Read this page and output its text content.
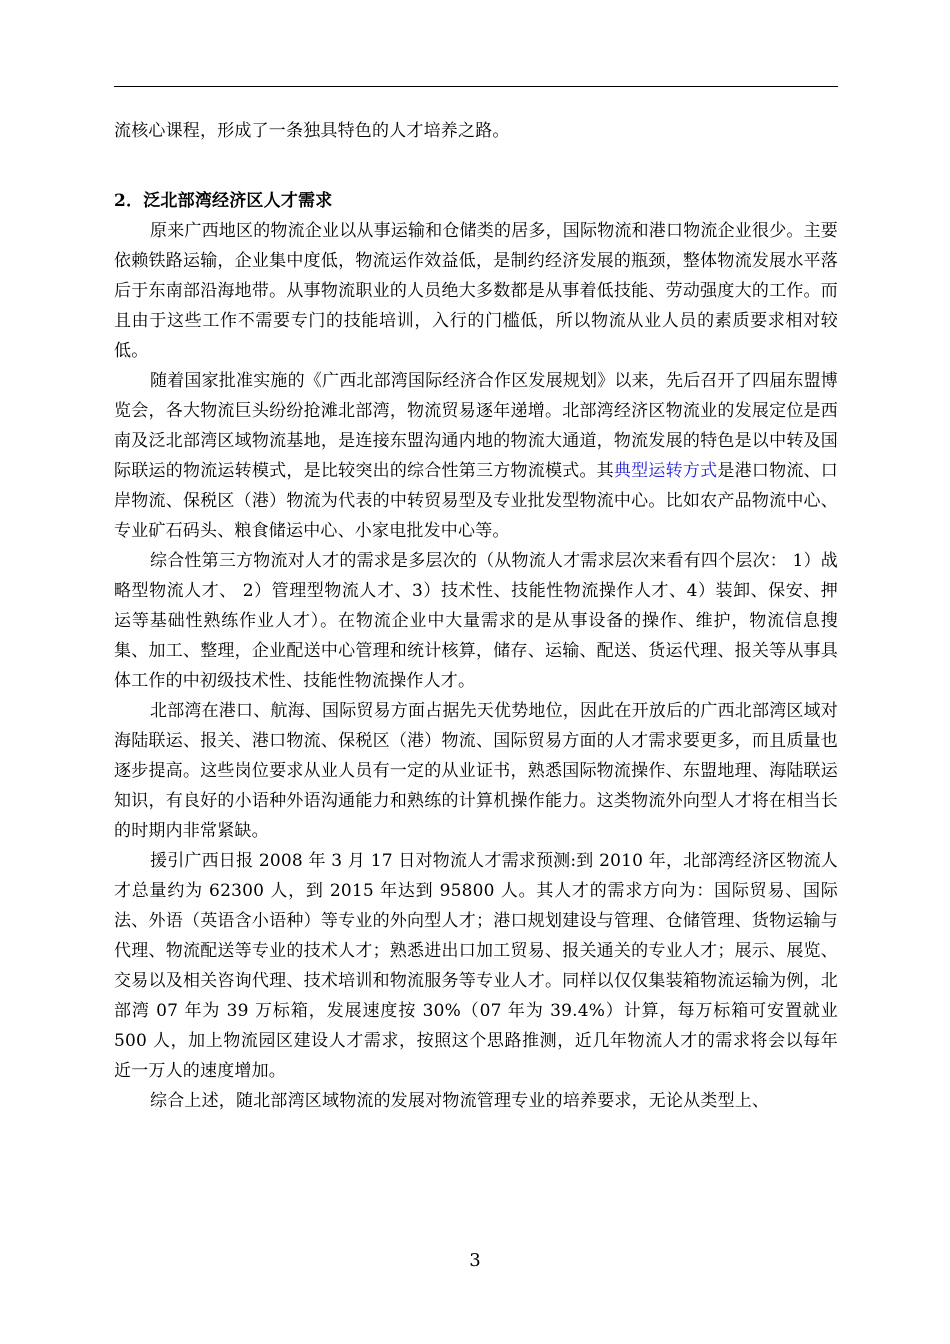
流核心课程，形成了一条独具特色的人才培养之路。

2．泛北部湾经济区人才需求

原来广西地区的物流企业以从事运输和仓储类的居多，国际物流和港口物流企业很少。主要依赖铁路运输，企业集中度低，物流运作效益低，是制约经济发展的瓶颈，整体物流发展水平落后于东南部沿海地带。从事物流职业的人员绝大多数都是从事着低技能、劳动强度大的工作。而且由于这些工作不需要专门的技能培训，入行的门槛低，所以物流从业人员的素质要求相对较低。

随着国家批准实施的《广西北部湾国际经济合作区发展规划》以来，先后召开了四届东盟博览会，各大物流巨头纷纷抢滩北部湾，物流贸易逐年递增。北部湾经济区物流业的发展定位是西南及泛北部湾区域物流基地，是连接东盟沟通内地的物流大通道，物流发展的特色是以中转及国际联运的物流运转模式，是比较突出的综合性第三方物流模式。其典型运转方式是港口物流、口岸物流、保税区（港）物流为代表的中转贸易型及专业批发型物流中心。比如农产品物流中心、专业矿石码头、粮食储运中心、小家电批发中心等。

综合性第三方物流对人才的需求是多层次的（从物流人才需求层次来看有四个层次： 1）战略型物流人才、 2）管理型物流人才、3）技术性、技能性物流操作人才、4）装卸、保安、押运等基础性熟练作业人才）。在物流企业中大量需求的是从事设备的操作、维护，物流信息搜集、加工、整理，企业配送中心管理和统计核算，储存、运输、配送、货运代理、报关等从事具体工作的中初级技术性、技能性物流操作人才。

北部湾在港口、航海、国际贸易方面占据先天优势地位，因此在开放后的广西北部湾区域对海陆联运、报关、港口物流、保税区（港）物流、国际贸易方面的人才需求要更多，而且质量也逐步提高。这些岗位要求从业人员有一定的从业证书，熟悉国际物流操作、东盟地理、海陆联运知识，有良好的小语种外语沟通能力和熟练的计算机操作能力。这类物流外向型人才将在相当长的时期内非常紧缺。

援引广西日报 2008 年 3 月 17 日对物流人才需求预测:到 2010 年，北部湾经济区物流人才总量约为 62300 人，到 2015 年达到 95800 人。其人才的需求方向为：国际贸易、国际法、外语（英语含小语种）等专业的外向型人才；港口规划建设与管理、仓储管理、货物运输与代理、物流配送等专业的技术人才；熟悉进出口加工贸易、报关通关的专业人才；展示、展览、交易以及相关咨询代理、技术培训和物流服务等专业人才。同样以仅仅集装箱物流运输为例，北部湾 07 年为 39 万标箱，发展速度按 30%（07 年为 39.4%）计算，每万标箱可安置就业 500 人，加上物流园区建设人才需求，按照这个思路推测，近几年物流人才的需求将会以每年近一万人的速度增加。

综合上述，随北部湾区域物流的发展对物流管理专业的培养要求，无论从类型上、

3
